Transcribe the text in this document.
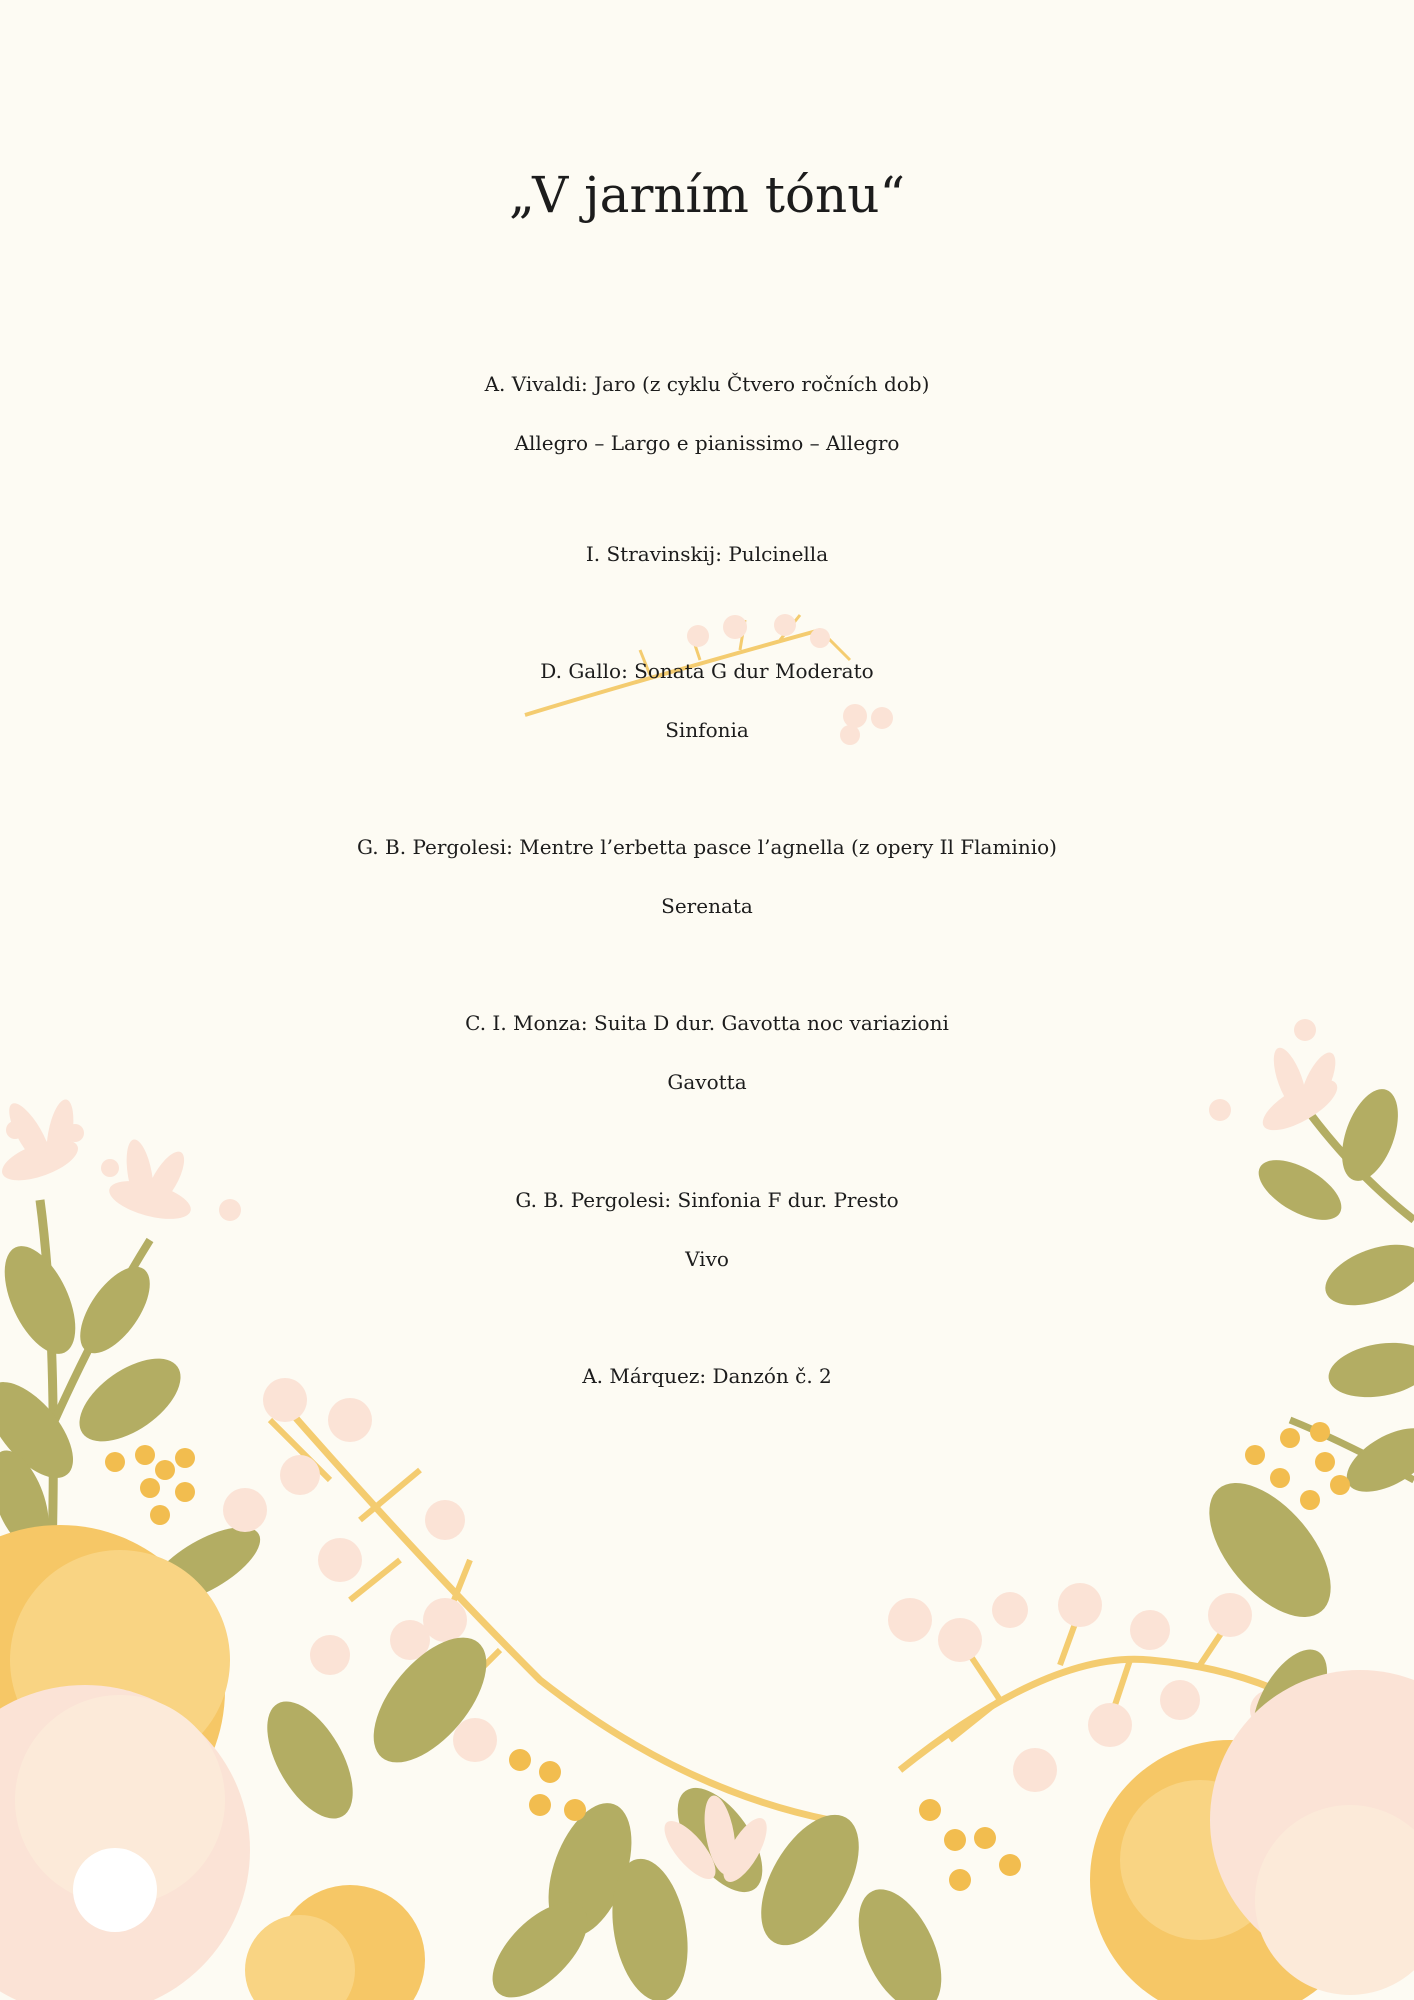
„V jarním tónu“

A. Vivaldi: Jaro (z cyklu Čtvero ročních dob)

Allegro – Largo e pianissimo – Allegro

I. Stravinskij: Pulcinella

D. Gallo: Sonata G dur Moderato

Sinfonia

G. B. Pergolesi: Mentre l’erbetta pasce l’agnella (z opery Il Flaminio)

Serenata

C. I. Monza: Suita D dur. Gavotta noc variazioni

Gavotta

G. B. Pergolesi: Sinfonia F dur. Presto

Vivo

A. Márquez: Danzón č. 2
